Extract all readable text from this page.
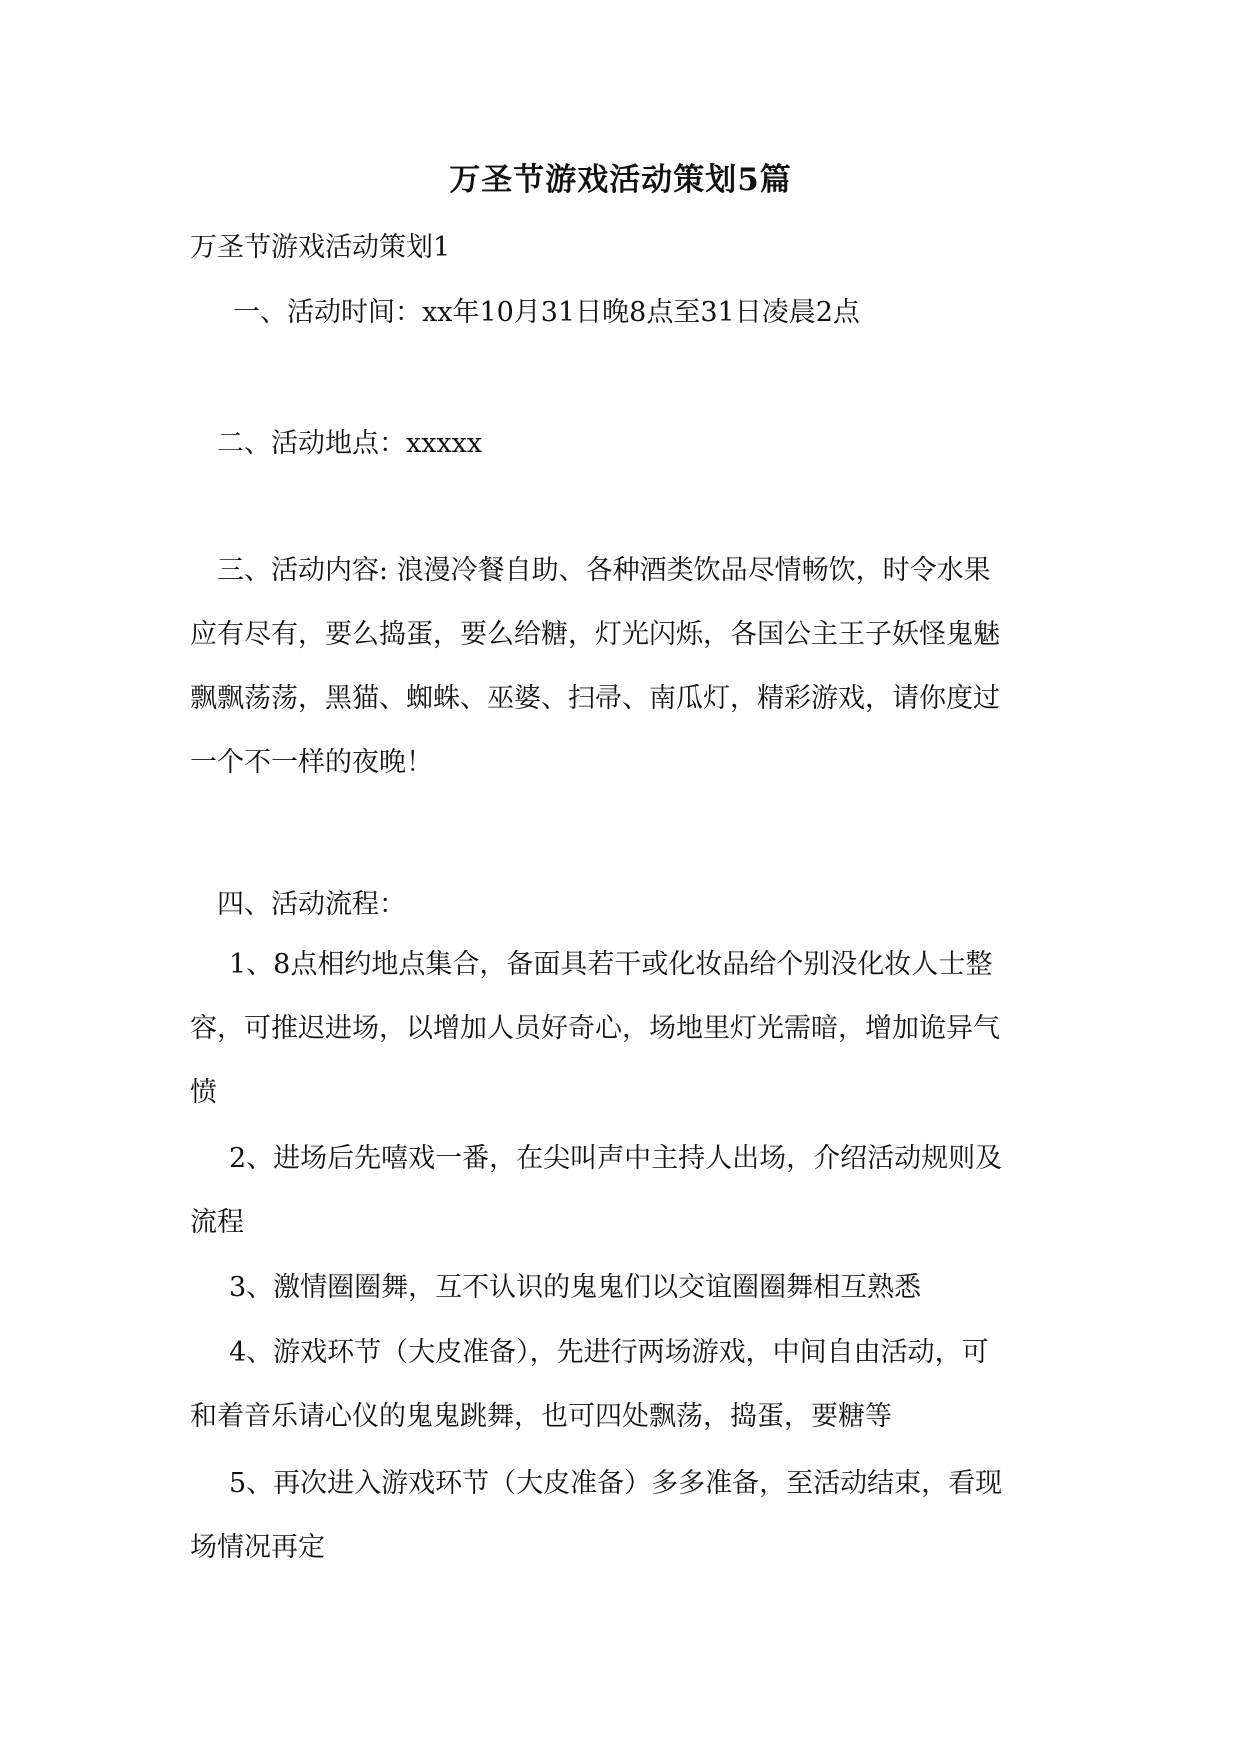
万圣节游戏活动策划5篇

万圣节游戏活动策划1

一、活动时间：xx年10月31日晚8点至31日凌晨2点

二、活动地点：xxxxx

三、活动内容: 浪漫冷餐自助、各种酒类饮品尽情畅饮，时令水果
应有尽有，要么捣蛋，要么给糖，灯光闪烁，各国公主王子妖怪鬼魅
飘飘荡荡，黑猫、蜘蛛、巫婆、扫帚、南瓜灯，精彩游戏，请你度过
一个不一样的夜晚！

四、活动流程：

1、8点相约地点集合，备面具若干或化妆品给个别没化妆人士整
容，可推迟进场，以增加人员好奇心，场地里灯光需暗，增加诡异气
愤
2、进场后先嘻戏一番，在尖叫声中主持人出场，介绍活动规则及
流程
3、激情圈圈舞，互不认识的鬼鬼们以交谊圈圈舞相互熟悉
4、游戏环节（大皮准备），先进行两场游戏，中间自由活动，可
和着音乐请心仪的鬼鬼跳舞，也可四处飘荡，捣蛋，要糖等
5、再次进入游戏环节（大皮准备）多多准备，至活动结束，看现
场情况再定
